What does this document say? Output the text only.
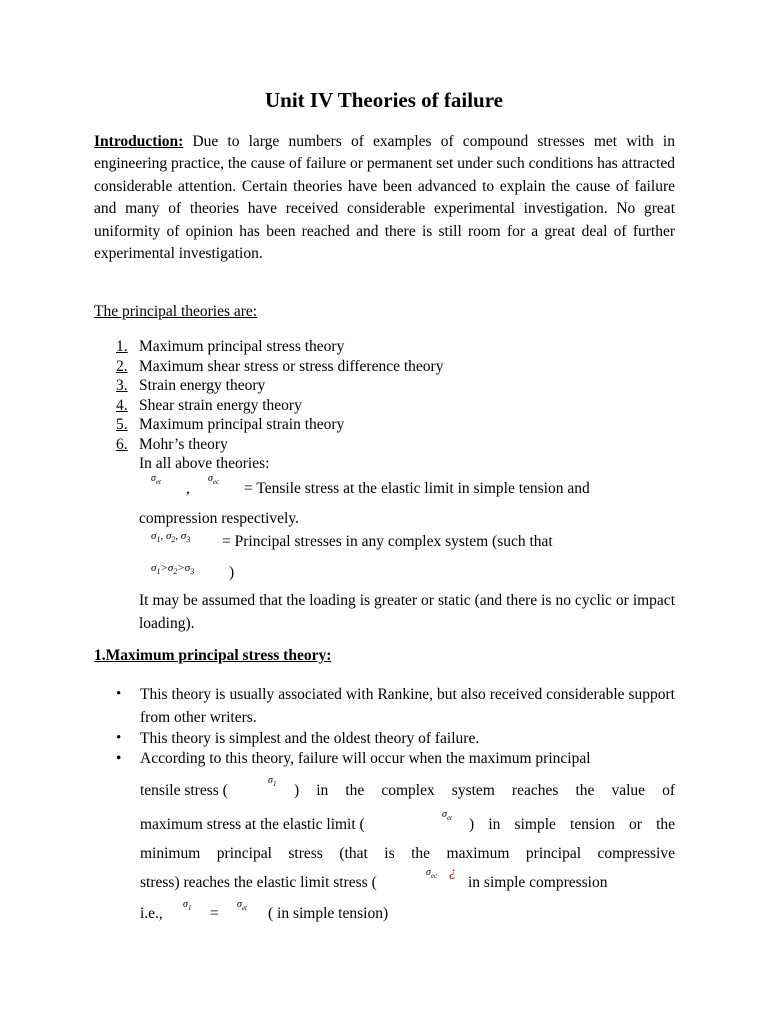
Unit IV Theories of failure
Introduction: Due to large numbers of examples of compound stresses met with in engineering practice, the cause of failure or permanent set under such conditions has attracted considerable attention. Certain theories have been advanced to explain the cause of failure and many of theories have received considerable experimental investigation. No great uniformity of opinion has been reached and there is still room for a great deal of further experimental investigation.
The principal theories are:
1. Maximum principal stress theory
2. Maximum shear stress or stress difference theory
3. Strain energy theory
4. Shear strain energy theory
5. Maximum principal strain theory
6. Mohr’s theory
In all above theories:
$\sigma_{et}$ ,
$\sigma_{ec}$ = Tensile stress at the elastic limit in simple tension and
compression respectively.
$\sigma_1$, $\sigma_2$, $\sigma_3$ = Principal stresses in any complex system (such that
$\sigma_1>\sigma_2>\sigma_3$ )
It may be assumed that the loading is greater or static (and there is no cyclic or impact loading).
1.Maximum principal stress theory:
• This theory is usually associated with Rankine, but also received considerable support from other writers.
• This theory is simplest and the oldest theory of failure.
• According to this theory, failure will occur when the maximum principal
tensile stress (
$\sigma_1$ ) in the complex system reaches the value of
maximum stress at the elastic limit (
$\sigma_{et}$ ) in simple tension or the
minimum principal stress (that is the maximum principal compressive
stress) reaches the elastic limit stress (
$\sigma_{ec}$ ¿
in simple compression
i.e.,
$\sigma_1$ =
$\sigma_{et}$ ( in simple tension)
